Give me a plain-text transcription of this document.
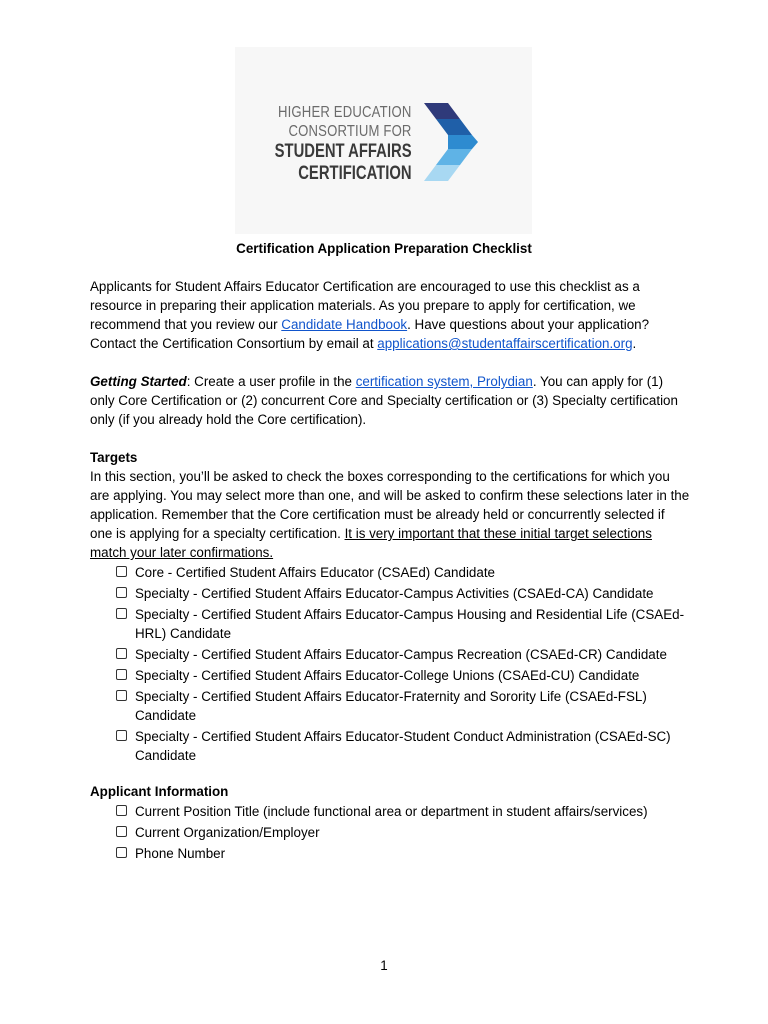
HIGHER EDUCATION
CONSORTIUM FOR
STUDENT AFFAIRS
CERTIFICATION
Certification Application Preparation Checklist

Applicants for Student Affairs Educator Certification are encouraged to use this checklist as a resource in preparing their application materials. As you prepare to apply for certification, we recommend that you review our Candidate Handbook. Have questions about your application? Contact the Certification Consortium by email at applications@studentaffairscertification.org.

Getting Started: Create a user profile in the certification system, Prolydian. You can apply for (1) only Core Certification or (2) concurrent Core and Specialty certification or (3) Specialty certification only (if you already hold the Core certification).

Targets

In this section, you’ll be asked to check the boxes corresponding to the certifications for which you are applying. You may select more than one, and will be asked to confirm these selections later in the application. Remember that the Core certification must be already held or concurrently selected if one is applying for a specialty certification. It is very important that these initial target selections match your later confirmations.

Core - Certified Student Affairs Educator (CSAEd) Candidate
Specialty - Certified Student Affairs Educator-Campus Activities (CSAEd-CA) Candidate
Specialty - Certified Student Affairs Educator-Campus Housing and Residential Life (CSAEd-HRL) Candidate
Specialty - Certified Student Affairs Educator-Campus Recreation (CSAEd-CR) Candidate
Specialty - Certified Student Affairs Educator-College Unions (CSAEd-CU) Candidate
Specialty - Certified Student Affairs Educator-Fraternity and Sorority Life (CSAEd-FSL) Candidate
Specialty - Certified Student Affairs Educator-Student Conduct Administration (CSAEd-SC) Candidate

Applicant Information

Current Position Title (include functional area or department in student affairs/services)
Current Organization/Employer
Phone Number
1
